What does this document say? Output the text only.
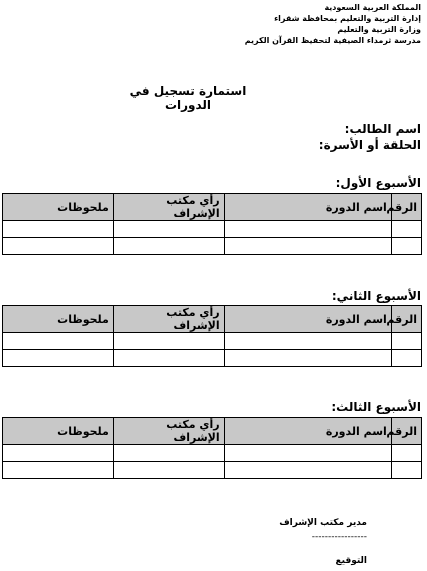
المملكة العربية السعودية
إدارة التربية والتعليم بمحافظة شقراء
وزارة التربية والتعليم
مدرسة ثرمداء الصيفية لتحفيظ القرآن الكريم
استمارة تسجيل في الدورات
اسم الطالب:
الحلقة أو الأسرة:
الأسبوع الأول:
الرقم	اسم الدورة	رأي مكتب الإشراف	ملحوظات

الأسبوع الثاني:
الرقم	اسم الدورة	رأي مكتب الإشراف	ملحوظات

الأسبوع الثالث:
الرقم	اسم الدورة	رأي مكتب الإشراف	ملحوظات

مدير مكتب الإشراف
-----------------
التوقيع
